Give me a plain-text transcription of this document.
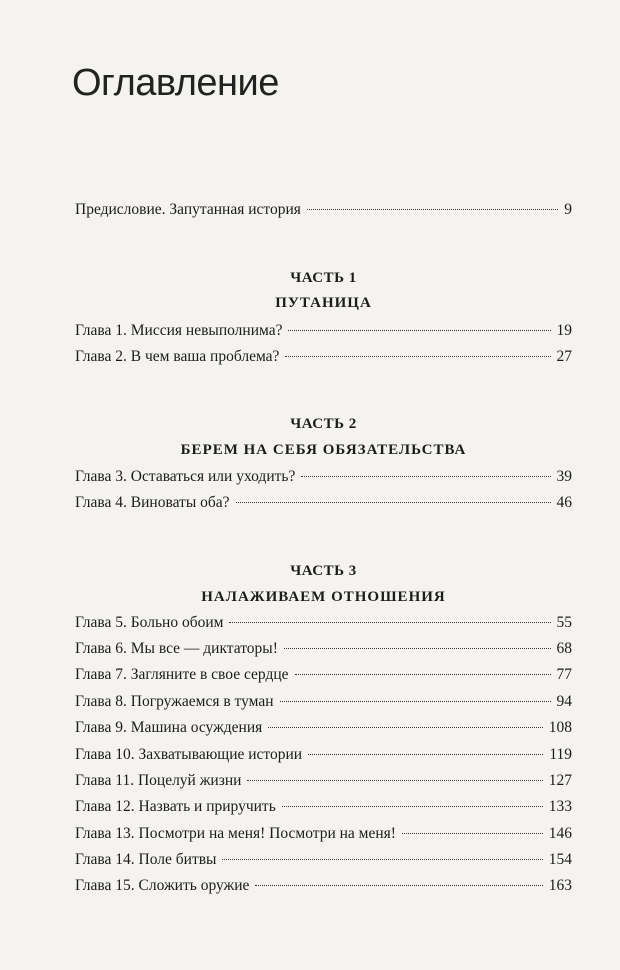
Оглавление
Предисловие. Запутанная история	9
ЧАСТЬ 1
ПУТАНИЦА
Глава 1. Миссия невыполнима?	19
Глава 2. В чем ваша проблема?	27
ЧАСТЬ 2
БЕРЕМ НА СЕБЯ ОБЯЗАТЕЛЬСТВА
Глава 3. Оставаться или уходить?	39
Глава 4. Виноваты оба?	46
ЧАСТЬ 3
НАЛАЖИВАЕМ ОТНОШЕНИЯ
Глава 5. Больно обоим	55
Глава 6. Мы все — диктаторы!	68
Глава 7. Загляните в свое сердце	77
Глава 8. Погружаемся в туман	94
Глава 9. Машина осуждения	108
Глава 10. Захватывающие истории	119
Глава 11. Поцелуй жизни	127
Глава 12. Назвать и приручить	133
Глава 13. Посмотри на меня! Посмотри на меня!	146
Глава 14. Поле битвы	154
Глава 15. Сложить оружие	163
